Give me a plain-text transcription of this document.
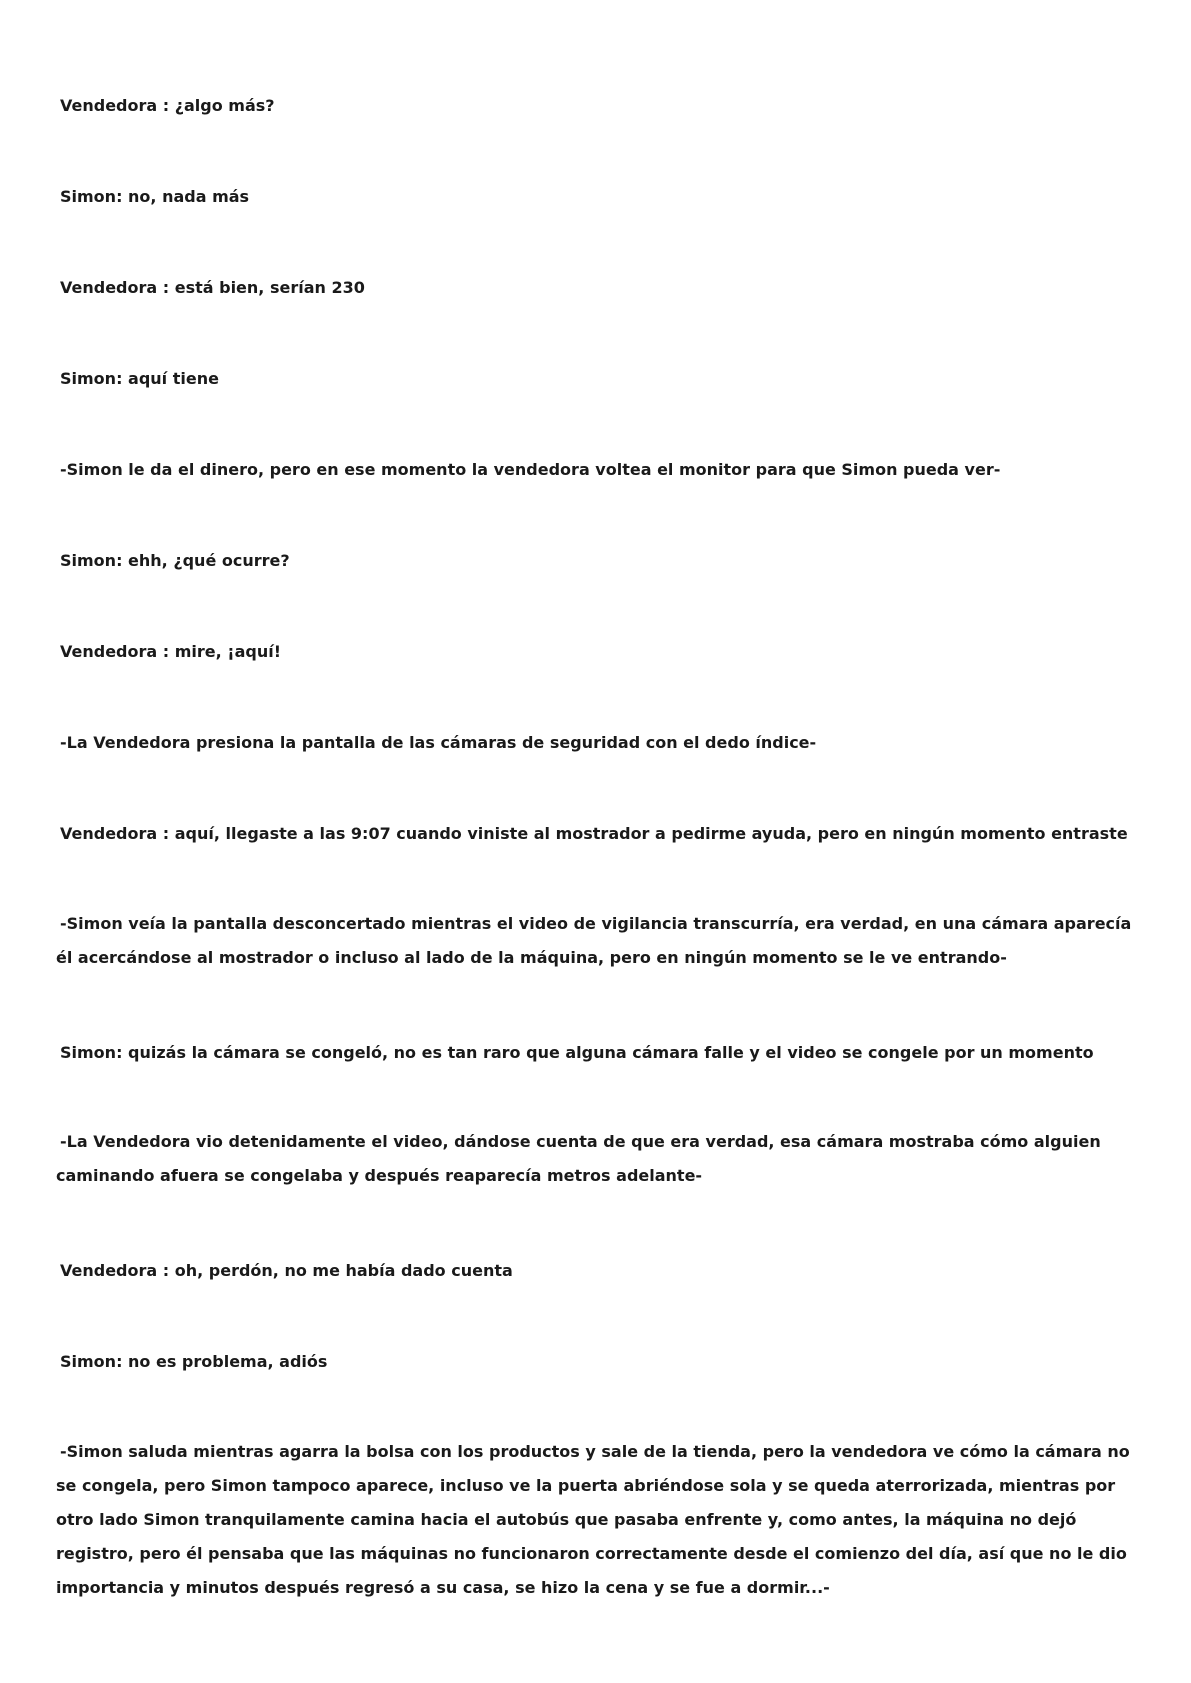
Vendedora : ¿algo más?
Simon: no, nada más
Vendedora : está bien, serían 230
Simon: aquí tiene
-Simon le da el dinero, pero en ese momento la vendedora voltea el monitor para que Simon pueda ver-
Simon: ehh, ¿qué ocurre?
Vendedora : mire, ¡aquí!
-La Vendedora presiona la pantalla de las cámaras de seguridad con el dedo índice-
Vendedora : aquí, llegaste a las 9:07 cuando viniste al mostrador a pedirme ayuda, pero en ningún momento entraste

-Simon veía la pantalla desconcertado mientras el video de vigilancia transcurría, era verdad, en una cámara aparecía él acercándose al mostrador o incluso al lado de la máquina, pero en ningún momento se le ve entrando-

Simon: quizás la cámara se congeló, no es tan raro que alguna cámara falle y el video se congele por un momento

-La Vendedora vio detenidamente el video, dándose cuenta de que era verdad, esa cámara mostraba cómo alguien caminando afuera se congelaba y después reaparecía metros adelante-

Vendedora : oh, perdón, no me había dado cuenta
Simon: no es problema, adiós

-Simon saluda mientras agarra la bolsa con los productos y sale de la tienda, pero la vendedora ve cómo la cámara no se congela, pero Simon tampoco aparece, incluso ve la puerta abriéndose sola y se queda aterrorizada, mientras por otro lado Simon tranquilamente camina hacia el autobús que pasaba enfrente y, como antes, la máquina no dejó registro, pero él pensaba que las máquinas no funcionaron correctamente desde el comienzo del día, así que no le dio importancia y minutos después regresó a su casa, se hizo la cena y se fue a dormir...-
